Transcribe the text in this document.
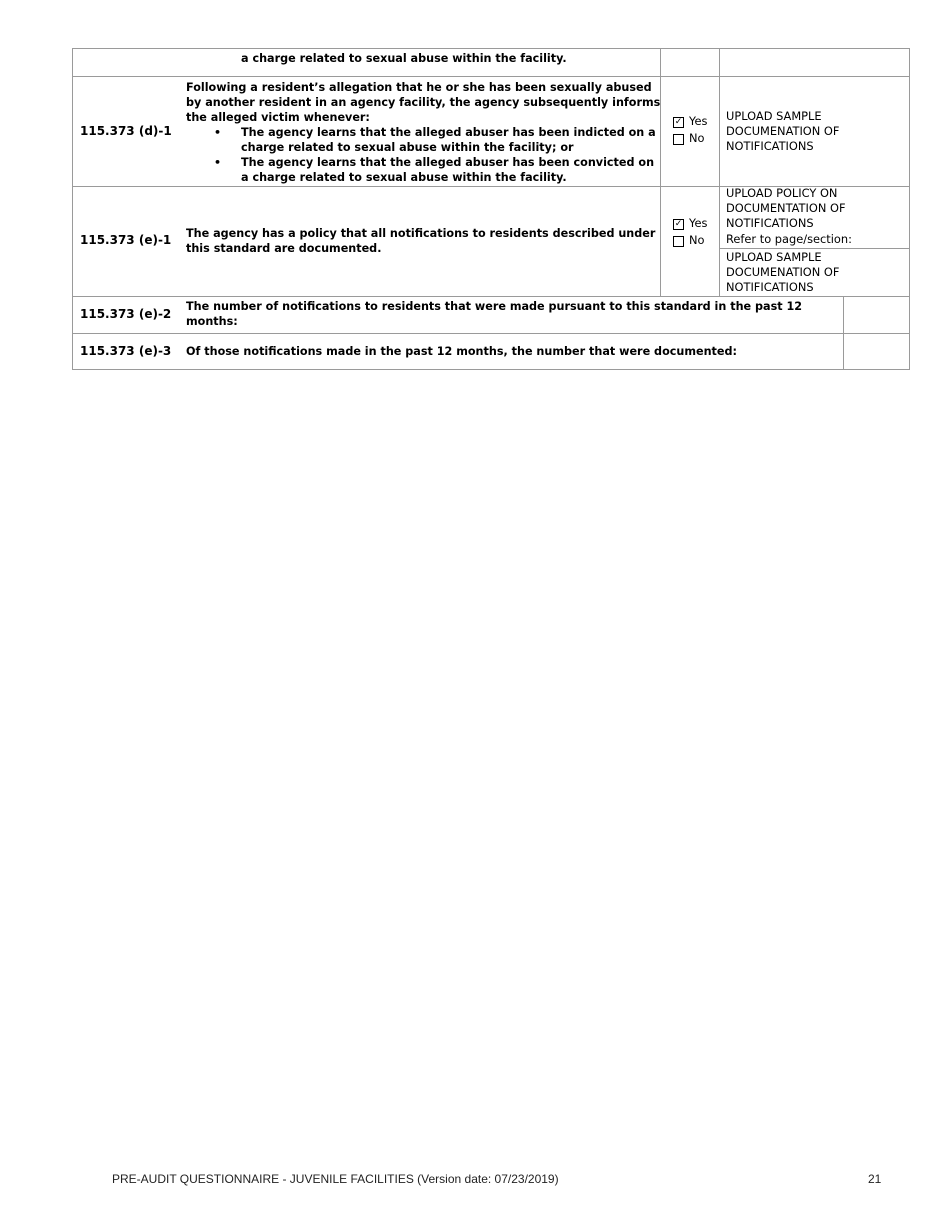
a charge related to sexual abuse within the facility.
115.373 (d)-1
Following a resident’s allegation that he or she has been sexually abused
by another resident in an agency facility, the agency subsequently informs
the alleged victim whenever:
• The agency learns that the alleged abuser has been indicted on a
charge related to sexual abuse within the facility; or
• The agency learns that the alleged abuser has been convicted on
a charge related to sexual abuse within the facility.
✓ Yes
No
UPLOAD SAMPLE
DOCUMENATION OF
NOTIFICATIONS
115.373 (e)-1 The agency has a policy that all notifications to residents described under
this standard are documented.
✓ Yes
No
UPLOAD POLICY ON
DOCUMENTATION OF
NOTIFICATIONS
Refer to page/section:
UPLOAD SAMPLE
DOCUMENATION OF
NOTIFICATIONS
115.373 (e)-2
The number of notifications to residents that were made pursuant to this standard in the past 12
months:
115.373 (e)-3 Of those notifications made in the past 12 months, the number that were documented:
PRE-AUDIT QUESTIONNAIRE - JUVENILE FACILITIES (Version date: 07/23/2019)	21
